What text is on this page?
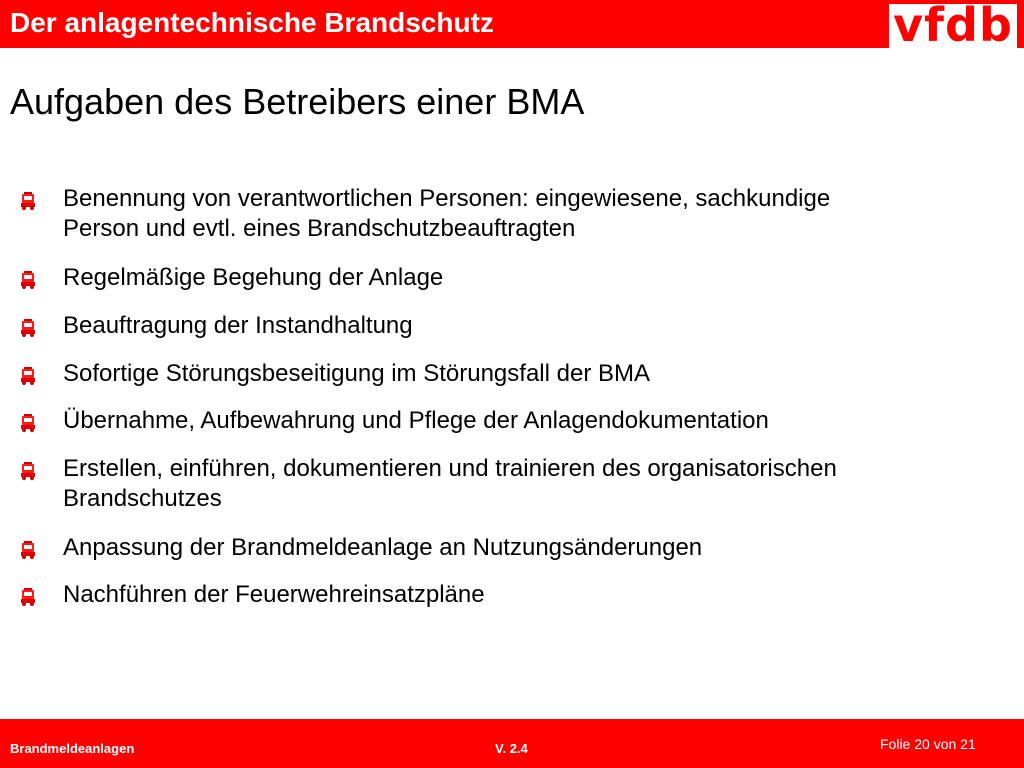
Der anlagentechnische Brandschutz	vfdb
Aufgaben des Betreibers einer BMA
Benennung von verantwortlichen Personen: eingewiesene, sachkundige
Person und evtl. eines Brandschutzbeauftragten
Regelmäßige Begehung der Anlage
Beauftragung der Instandhaltung
Sofortige Störungsbeseitigung im Störungsfall der BMA
Übernahme, Aufbewahrung und Pflege der Anlagendokumentation
Erstellen, einführen, dokumentieren und trainieren des organisatorischen
Brandschutzes
Anpassung der Brandmeldeanlage an Nutzungsänderungen
Nachführen der Feuerwehreinsatzpläne
Brandmeldeanlagen	V. 2.4	Folie 20 von 21
